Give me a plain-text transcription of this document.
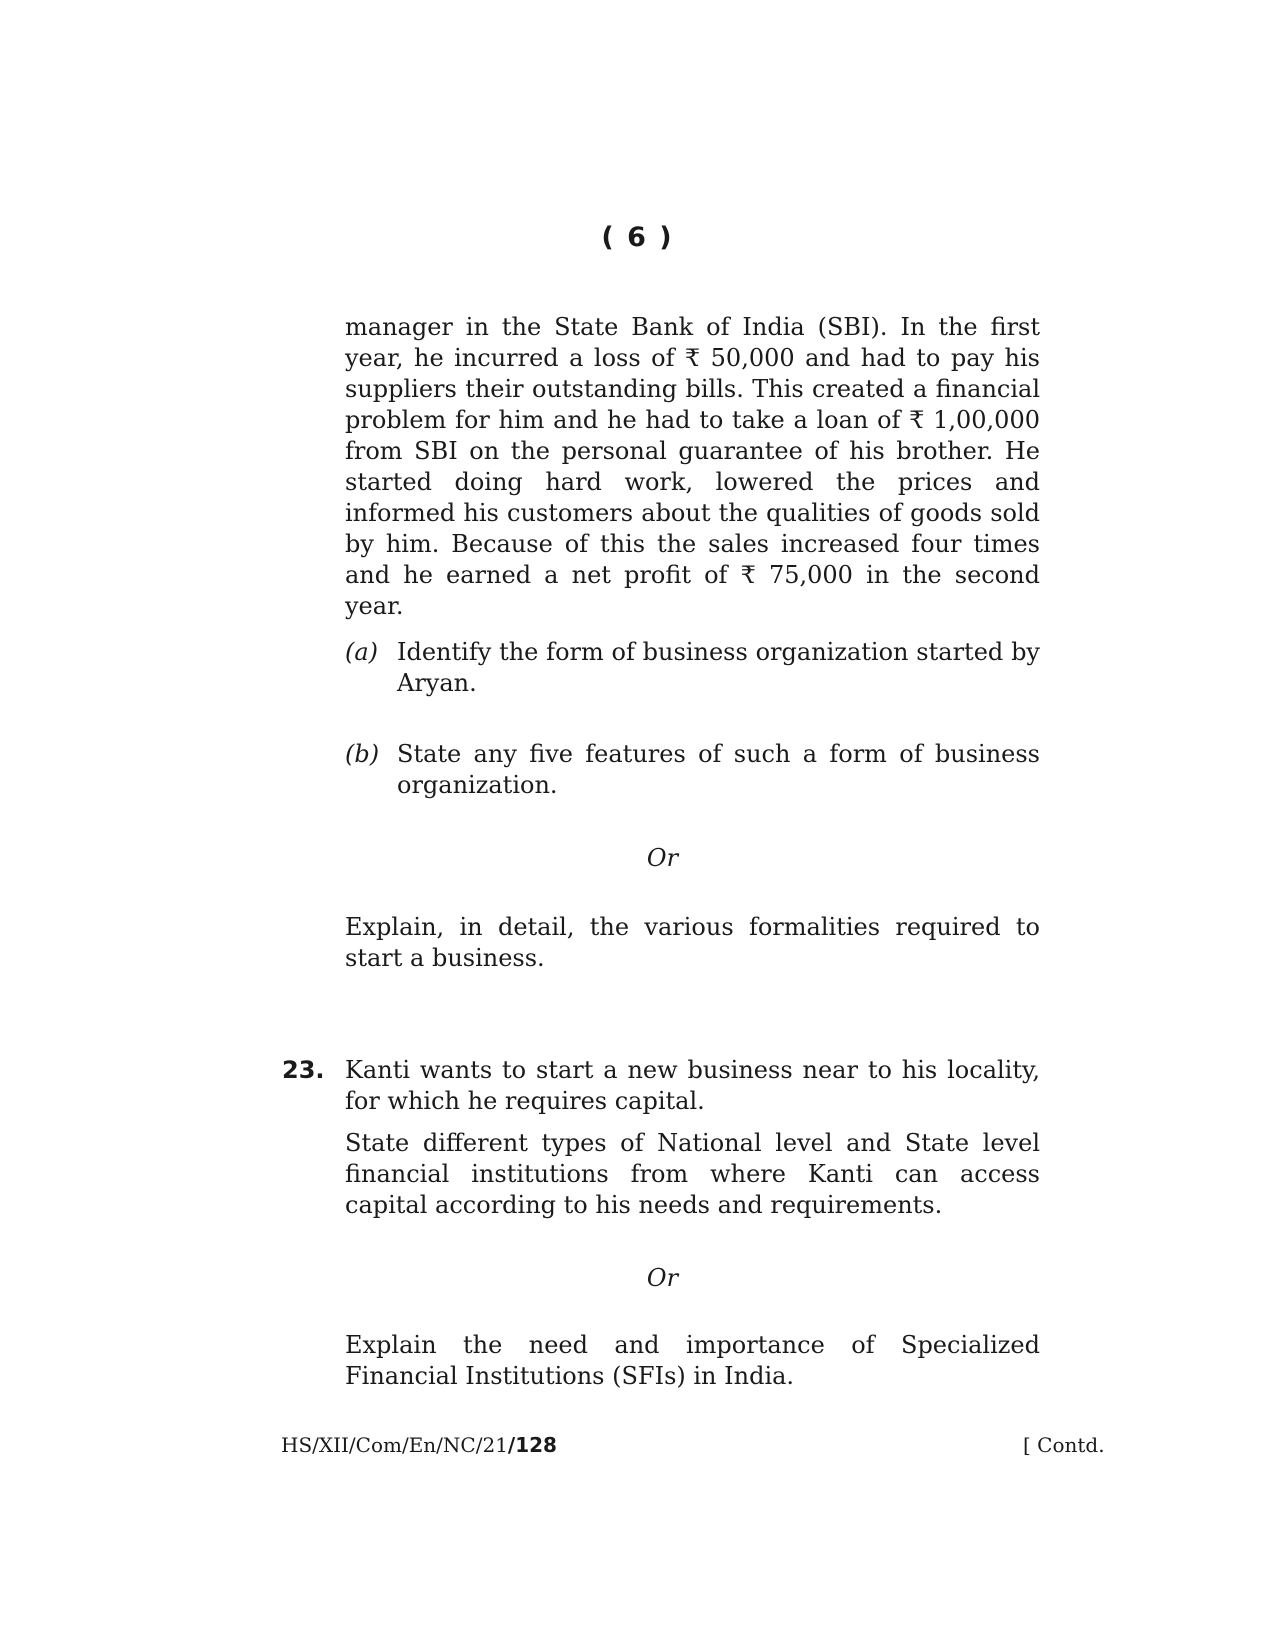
( 6 )

manager in the State Bank of India (SBI). In the first year, he incurred a loss of ₹ 50,000 and had to pay his suppliers their outstanding bills. This created a financial problem for him and he had to take a loan of ₹ 1,00,000 from SBI on the personal guarantee of his brother. He started doing hard work, lowered the prices and informed his customers about the qualities of goods sold by him. Because of this the sales increased four times and he earned a net profit of ₹ 75,000 in the second year.

(a) Identify the form of business organization started by Aryan.
(b) State any five features of such a form of business organization.
Or

Explain, in detail, the various formalities required to start a business.

23. Kanti wants to start a new business near to his locality, for which he requires capital.

State different types of National level and State level financial institutions from where Kanti can access capital according to his needs and requirements.

Or

Explain the need and importance of Specialized Financial Institutions (SFIs) in India.

HS/XII/Com/En/NC/21/128	[ Contd.
